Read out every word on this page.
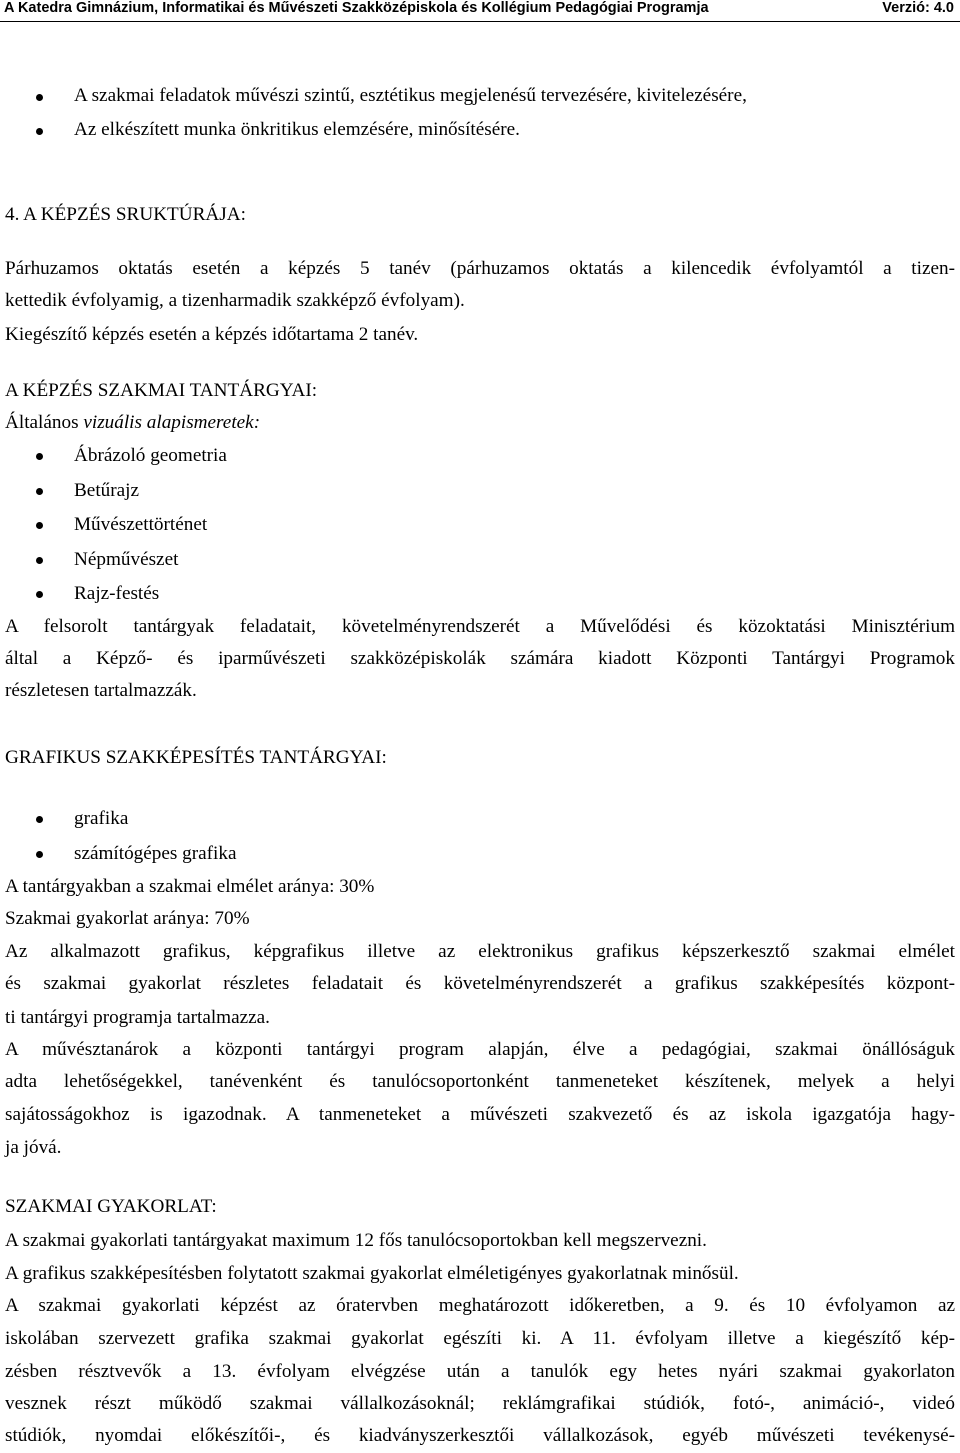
A Katedra Gimnázium, Informatikai és Művészeti Szakközépiskola és Kollégium Pedagógiai Programja	Verzió: 4.0
A szakmai feladatok művészi szintű, esztétikus megjelenésű tervezésére, kivitelezésére,
Az elkészített munka önkritikus elemzésére, minősítésére.
4. A KÉPZÉS SRUKTÚRÁJA:
Párhuzamos oktatás esetén a képzés 5 tanév (párhuzamos oktatás a kilencedik évfolyamtól a tizen-
kettedik évfolyamig, a tizenharmadik szakképző évfolyam).
Kiegészítő képzés esetén a képzés időtartama 2 tanév.
A KÉPZÉS SZAKMAI TANTÁRGYAI:
Általános vizuális alapismeretek:
Ábrázoló geometria
Betűrajz
Művészettörténet
Népművészet
Rajz-festés
A felsorolt tantárgyak feladatait, követelményrendszerét a Művelődési és közoktatási Minisztérium
által a Képző- és iparművészeti szakközépiskolák számára kiadott Központi Tantárgyi Programok
részletesen tartalmazzák.
GRAFIKUS SZAKKÉPESÍTÉS TANTÁRGYAI:
grafika
számítógépes grafika
A tantárgyakban a szakmai elmélet aránya: 30%
Szakmai gyakorlat aránya: 70%
Az alkalmazott grafikus, képgrafikus illetve az elektronikus grafikus képszerkesztő szakmai elmélet
és szakmai gyakorlat részletes feladatait és követelményrendszerét a grafikus szakképesítés központ-
ti tantárgyi programja tartalmazza.
A művésztanárok a központi tantárgyi program alapján, élve a pedagógiai, szakmai önállóságuk
adta lehetőségekkel, tanévenként és tanulócsoportonként tanmeneteket készítenek, melyek a helyi
sajátosságokhoz is igazodnak. A tanmeneteket a művészeti szakvezető és az iskola igazgatója hagy-
ja jóvá.
SZAKMAI GYAKORLAT:
A szakmai gyakorlati tantárgyakat maximum 12 fős tanulócsoportokban kell megszervezni.
A grafikus szakképesítésben folytatott szakmai gyakorlat elméletigényes gyakorlatnak minősül.
A szakmai gyakorlati képzést az óratervben meghatározott időkeretben, a 9. és 10 évfolyamon az
iskolában szervezett grafika szakmai gyakorlat egészíti ki. A 11. évfolyam illetve a kiegészítő kép-
zésben résztvevők a 13. évfolyam elvégzése után a tanulók egy hetes nyári szakmai gyakorlaton
vesznek részt működő szakmai vállalkozásoknál; reklámgrafikai stúdiók, fotó-, animáció-, videó
stúdiók, nyomdai előkészítői-, és kiadványszerkesztői vállalkozások, egyéb művészeti tevékenysé-
